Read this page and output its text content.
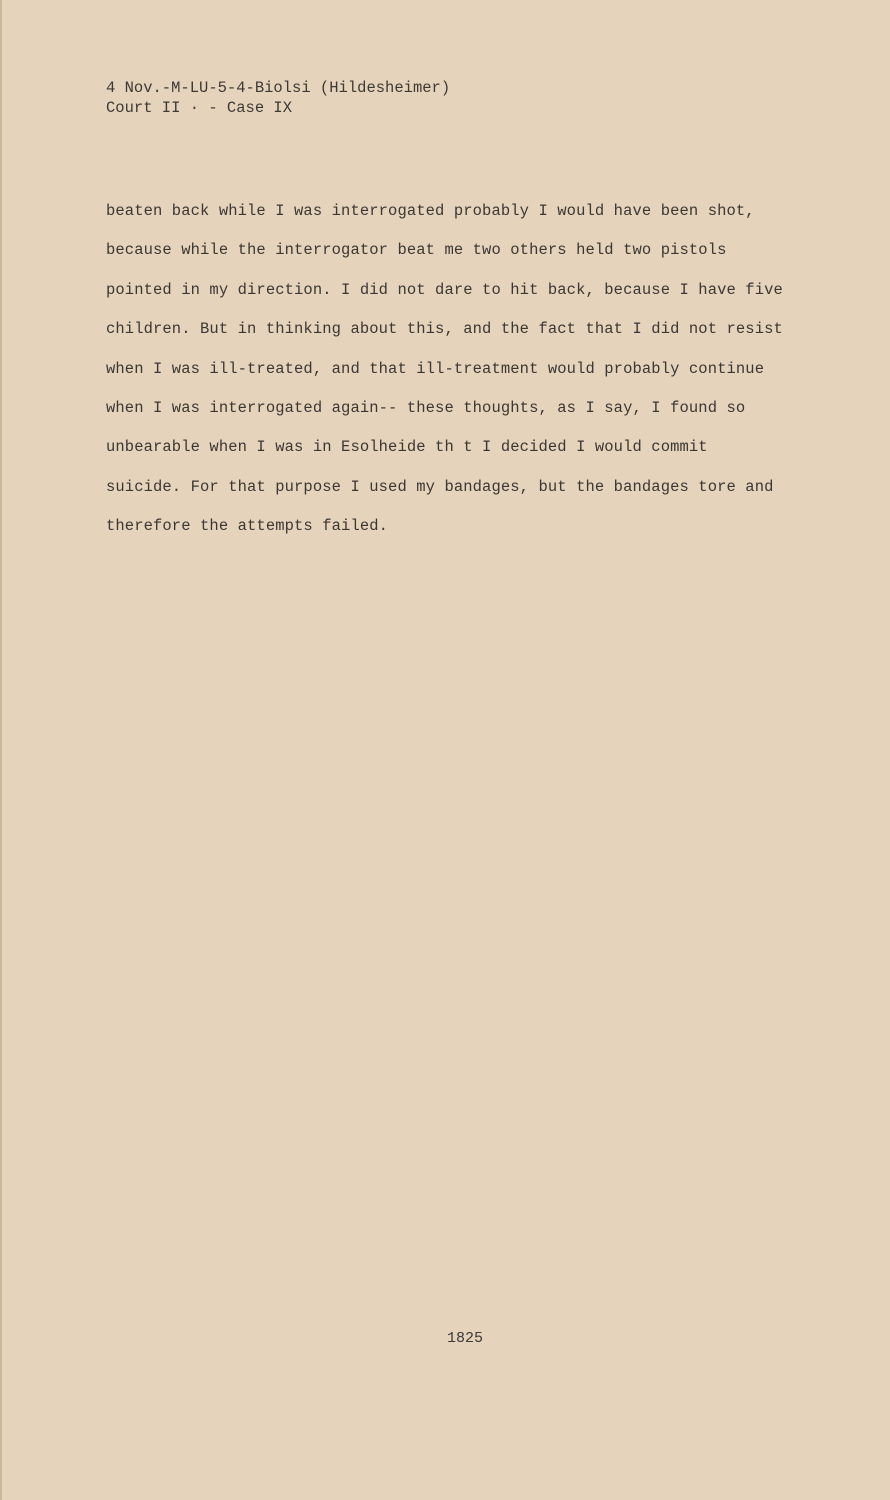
4 Nov.-M-LU-5-4-Biolsi (Hildesheimer)
Court II · - Case IX
beaten back while I was interrogated probably I would have been shot,
because while the interrogator beat me two others held two pistols
pointed in my direction. I did not dare to hit back, because I have five
children. But in thinking about this, and the fact that I did not resist
when I was ill-treated, and that ill-treatment would probably continue
when I was interrogated again-- these thoughts, as I say, I found so
unbearable when I was in Esolheide th t I decided I would commit
suicide. For that purpose I used my bandages, but the bandages tore and
therefore the attempts failed.
1825
